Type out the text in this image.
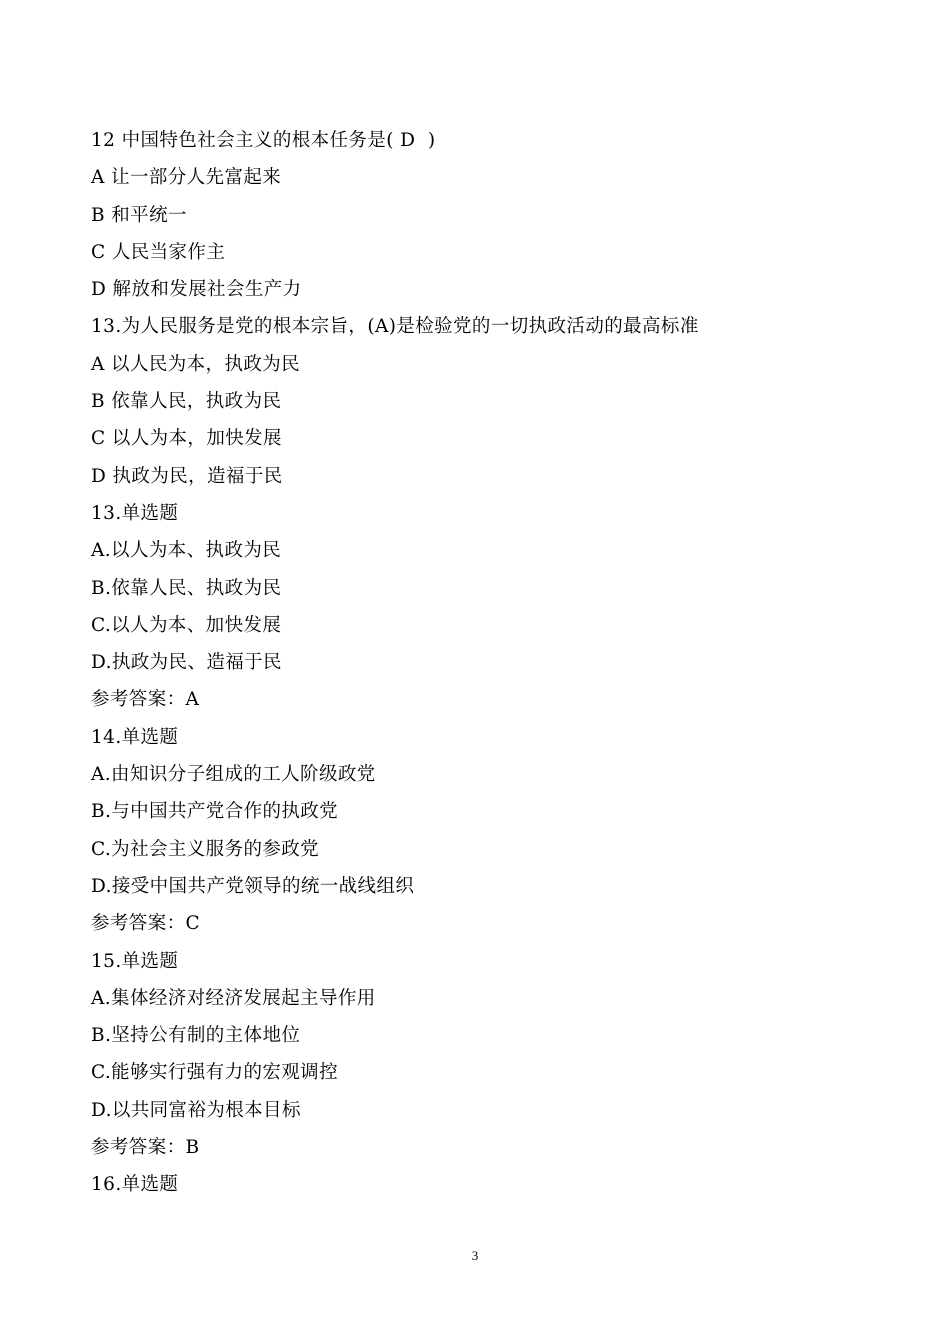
12 中国特色社会主义的根本任务是( D  )
A 让一部分人先富起来
B 和平统一
C 人民当家作主
D 解放和发展社会生产力
13.为人民服务是党的根本宗旨，(A)是检验党的一切执政活动的最高标准
A 以人民为本，执政为民
B 依靠人民，执政为民
C 以人为本，加快发展
D 执政为民，造福于民
13.单选题
A.以人为本、执政为民
B.依靠人民、执政为民
C.以人为本、加快发展
D.执政为民、造福于民
参考答案：A
14.单选题
A.由知识分子组成的工人阶级政党
B.与中国共产党合作的执政党
C.为社会主义服务的参政党
D.接受中国共产党领导的统一战线组织
参考答案：C
15.单选题
A.集体经济对经济发展起主导作用
B.坚持公有制的主体地位
C.能够实行强有力的宏观调控
D.以共同富裕为根本目标
参考答案：B
16.单选题
3
